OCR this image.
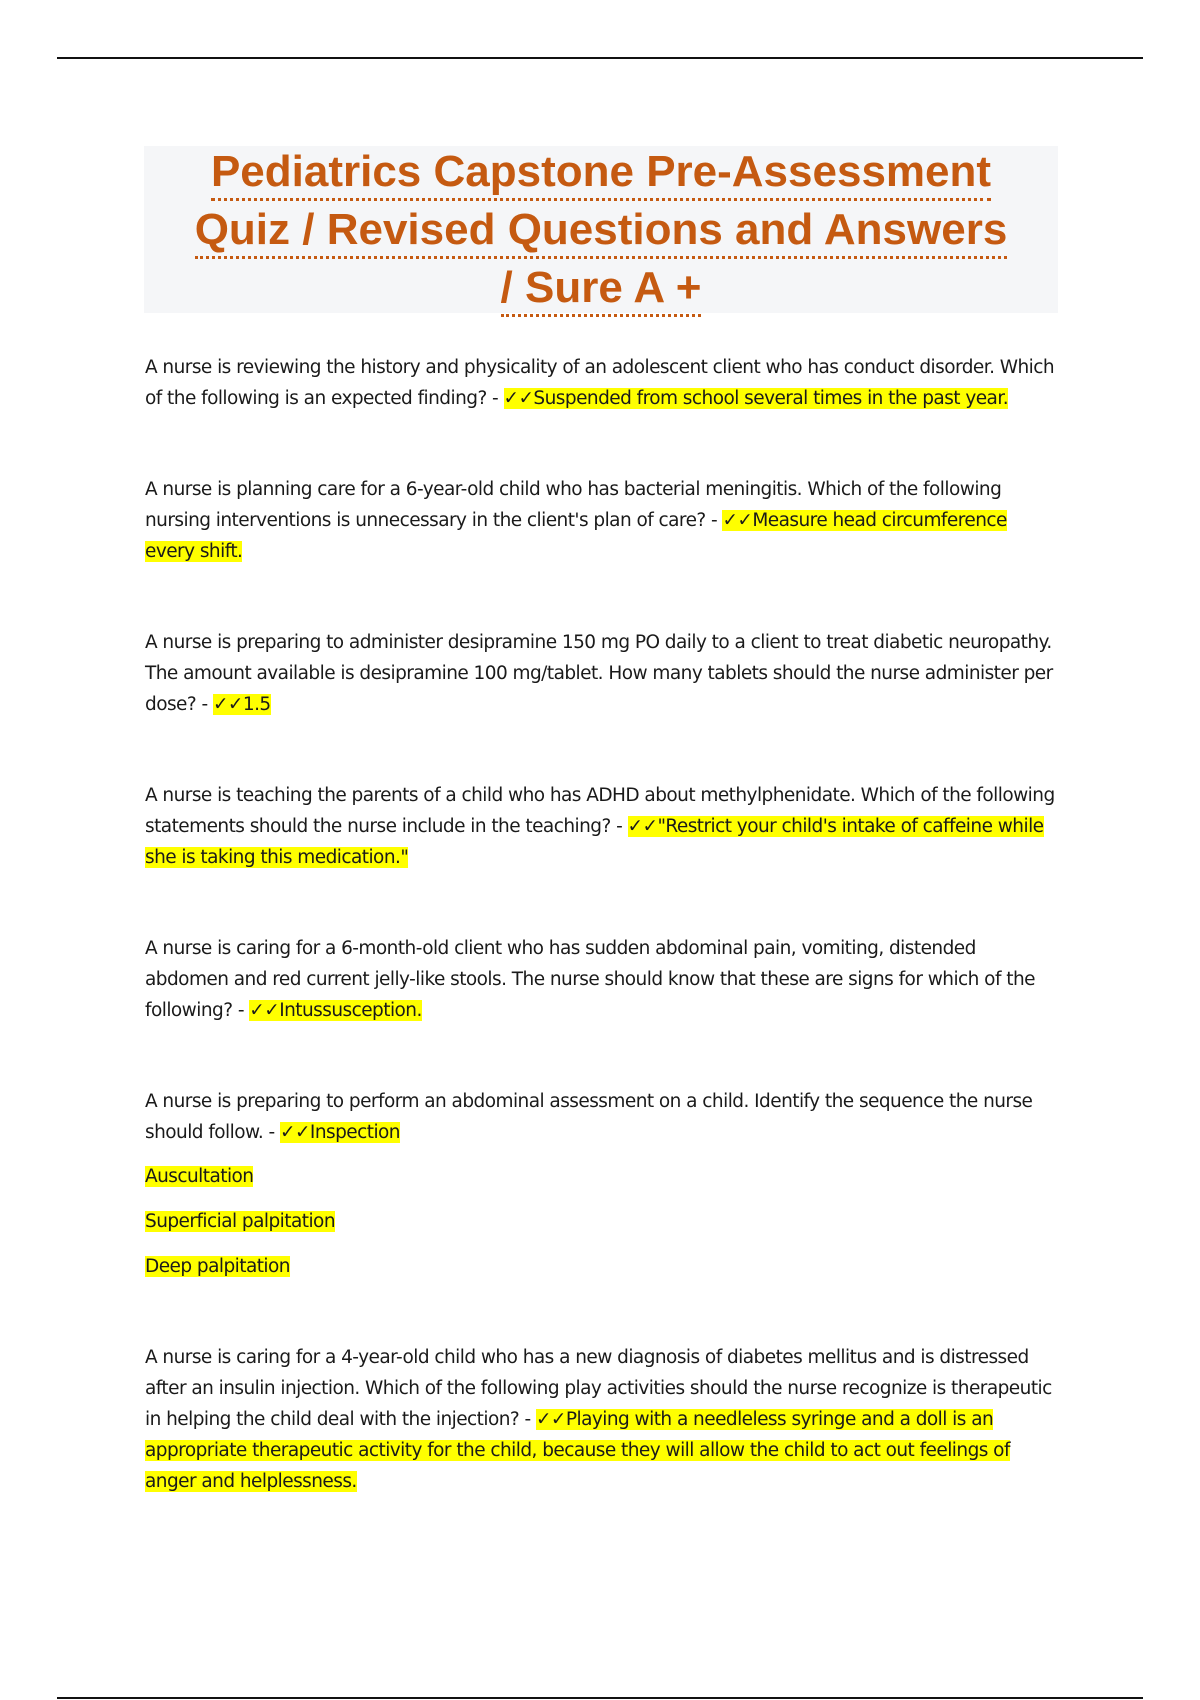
Pediatrics Capstone Pre-Assessment
Quiz / Revised Questions and Answers
/ Sure A +

A nurse is reviewing the history and physicality of an adolescent client who has conduct disorder. Which of the following is an expected finding? - ✓✓Suspended from school several times in the past year.

A nurse is planning care for a 6-year-old child who has bacterial meningitis. Which of the following nursing interventions is unnecessary in the client's plan of care? - ✓✓Measure head circumference every shift.

A nurse is preparing to administer desipramine 150 mg PO daily to a client to treat diabetic neuropathy. The amount available is desipramine 100 mg/tablet. How many tablets should the nurse administer per dose? - ✓✓1.5

A nurse is teaching the parents of a child who has ADHD about methylphenidate. Which of the following statements should the nurse include in the teaching? - ✓✓"Restrict your child's intake of caffeine while she is taking this medication."

A nurse is caring for a 6-month-old client who has sudden abdominal pain, vomiting, distended abdomen and red current jelly-like stools. The nurse should know that these are signs for which of the following? - ✓✓Intussusception.

A nurse is preparing to perform an abdominal assessment on a child. Identify the sequence the nurse should follow. - ✓✓Inspection

Auscultation

Superficial palpitation

Deep palpitation

A nurse is caring for a 4-year-old child who has a new diagnosis of diabetes mellitus and is distressed after an insulin injection. Which of the following play activities should the nurse recognize is therapeutic in helping the child deal with the injection? - ✓✓Playing with a needleless syringe and a doll is an appropriate therapeutic activity for the child, because they will allow the child to act out feelings of anger and helplessness.
